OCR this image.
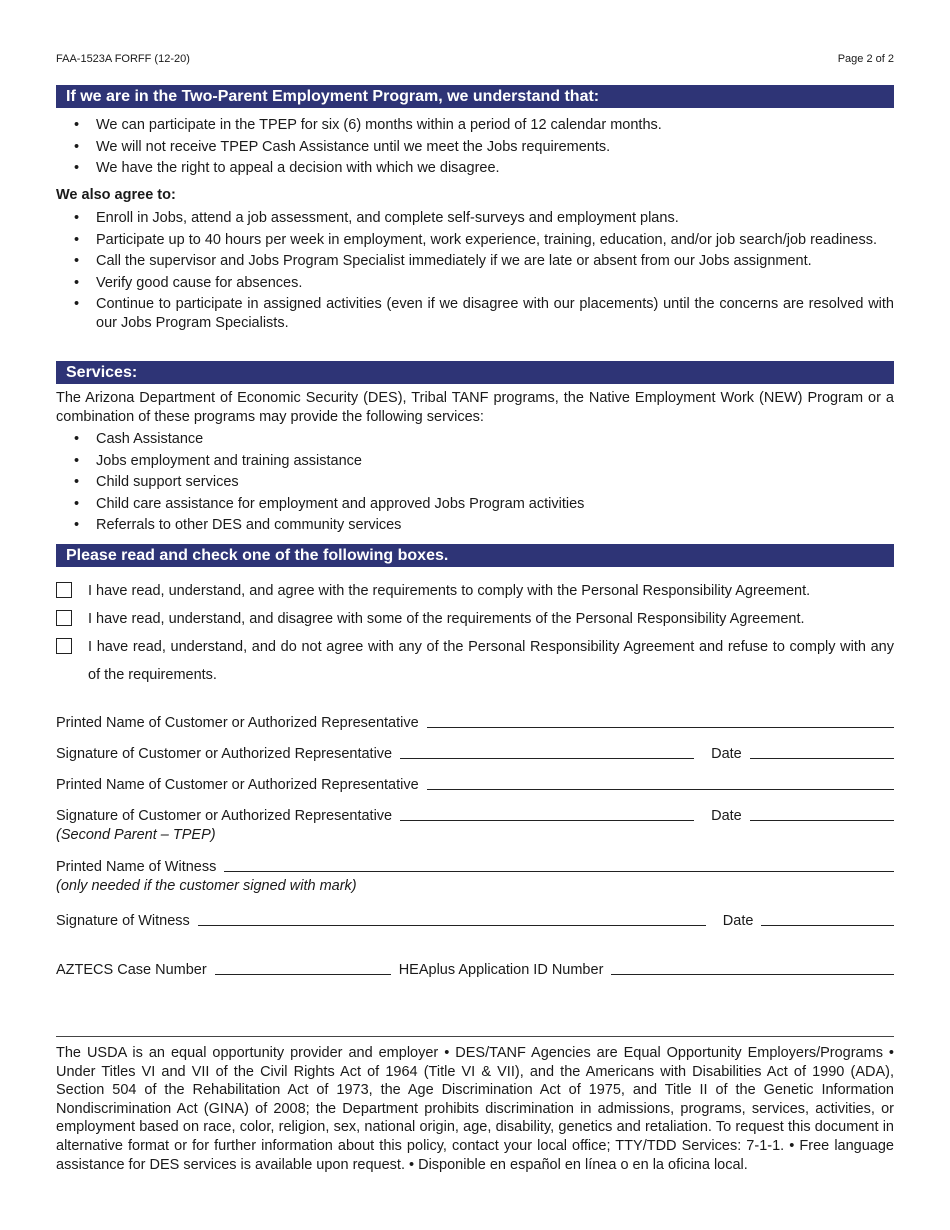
FAA-1523A FORFF (12-20)	Page 2 of 2
If we are in the Two-Parent Employment Program, we understand that:
• We can participate in the TPEP for six (6) months within a period of 12 calendar months.
• We will not receive TPEP Cash Assistance until we meet the Jobs requirements.
• We have the right to appeal a decision with which we disagree.
We also agree to:
• Enroll in Jobs, attend a job assessment, and complete self-surveys and employment plans.
• Participate up to 40 hours per week in employment, work experience, training, education, and/or job search/job readiness.
• Call the supervisor and Jobs Program Specialist immediately if we are late or absent from our Jobs assignment.
• Verify good cause for absences.
• Continue to participate in assigned activities (even if we disagree with our placements) until the concerns are resolved with our Jobs Program Specialists.
Services:
The Arizona Department of Economic Security (DES), Tribal TANF programs, the Native Employment Work (NEW) Program or a combination of these programs may provide the following services:
• Cash Assistance
• Jobs employment and training assistance
• Child support services
• Child care assistance for employment and approved Jobs Program activities
• Referrals to other DES and community services
Please read and check one of the following boxes.
I have read, understand, and agree with the requirements to comply with the Personal Responsibility Agreement.
I have read, understand, and disagree with some of the requirements of the Personal Responsibility Agreement.
I have read, understand, and do not agree with any of the Personal Responsibility Agreement and refuse to comply with any of the requirements.
Printed Name of Customer or Authorized Representative
Signature of Customer or Authorized Representative	Date
Printed Name of Customer or Authorized Representative
Signature of Customer or Authorized Representative	Date
(Second Parent – TPEP)
Printed Name of Witness
(only needed if the customer signed with mark)
Signature of Witness	Date
AZTECS Case Number	HEAplus Application ID Number
The USDA is an equal opportunity provider and employer • DES/TANF Agencies are Equal Opportunity Employers/Programs • Under Titles VI and VII of the Civil Rights Act of 1964 (Title VI & VII), and the Americans with Disabilities Act of 1990 (ADA), Section 504 of the Rehabilitation Act of 1973, the Age Discrimination Act of 1975, and Title II of the Genetic Information Nondiscrimination Act (GINA) of 2008; the Department prohibits discrimination in admissions, programs, services, activities, or employment based on race, color, religion, sex, national origin, age, disability, genetics and retaliation. To request this document in alternative format or for further information about this policy, contact your local office; TTY/TDD Services: 7-1-1. • Free language assistance for DES services is available upon request. • Disponible en español en línea o en la oficina local.
